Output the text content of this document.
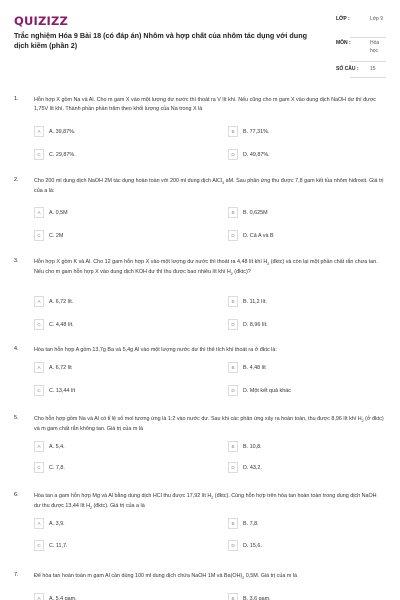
QUIZIZZ
Trắc nghiệm Hóa 9 Bài 18 (có đáp án) Nhôm và hợp chất của nhôm tác dụng với dung dịch kiềm (phần 2)
LỚP :	Lớp 9
MÔN :	Hóa học
SỐ CÂU : 15
1.	Hỗn hợp X gồm Na và Al. Cho m gam X vào một lượng dư nước thì thoát ra V lít khí. Nếu cũng cho m gam X vào dung dịch NaOH dư thì được 1,75V lít khí. Thành phần phần trăm theo khối lượng của Na trong X là
A	A. 39,87%.	B	B. 77,31%.
C	C. 29,87%.	D	D. 49,87%.
2.	Cho 200 ml dung dịch NaOH 2M tác dụng hoàn toàn với 200 ml dung dịch AlCl$_3$ aM. Sau phản ứng thu được 7,8 gam kết tủa nhôm hiđroxit. Giá trị của a là:
A	A. 0,5M	B	B. 0,625M
C	C. 2M	D	D. Cả A và B
3.	Hỗn hợp X gồm K và Al. Cho 12 gam hỗn hợp X vào một lượng dư nước thì thoát ra 4,48 lít khí $H_2$ (đktc) và còn lại một phần chất rắn chưa tan. Nếu cho m gam hỗn hợp X vào dung dịch KOH dư thì thu được bao nhiêu lít khí $H_2$ (đktc)?
A	A. 6,72 lít.	B	B. 11,2 lít.
C	C. 4,48 lít.	D	D. 8,96 lít.
4.	Hòa tan hỗn hợp A gồm 13,7g Ba và 5,4g Al vào một lượng nước dư thì thể tích khí thoát ra ở đktc là:
A	A. 6,72 lít	B	B. 4,48 lít
C	C. 13,44 lít	D	D. Một kết quả khác
5.	Cho hỗn hợp gồm Na và Al có tỉ lệ số mol tương ứng là 1:2 vào nước dư. Sau khi các phản ứng xảy ra hoàn toàn, thu được 8,96 lít khí $H_2$ (ở đktc) và m gam chất rắn không tan. Giá trị của m là
A	A. 5,4.	B	B. 10,8.
C	C. 7,8.	D	D. 43,2.
6.	Hòa tan a gam hỗn hợp Mg và Al bằng dung dịch HCl thu được 17,92 lít $H_2$ (đktc). Cùng hỗn hợp trên hòa tan hoàn toàn trong dung dịch NaOH dư thu được 13,44 lít $H_2$ (đktc). Giá trị của a là
A	A. 3,9.	B	B. 7,8.
C	C. 11,7.	D	D. 15,6.
7.	Để hòa tan hoàn toàn m gam Al cần dùng 100 ml dung dịch chứa NaOH 1M và $Ba(OH)_2$ 0,5M. Giá trị của m là
A	A. 5,4 gam.	B	B. 3,6 gam.
